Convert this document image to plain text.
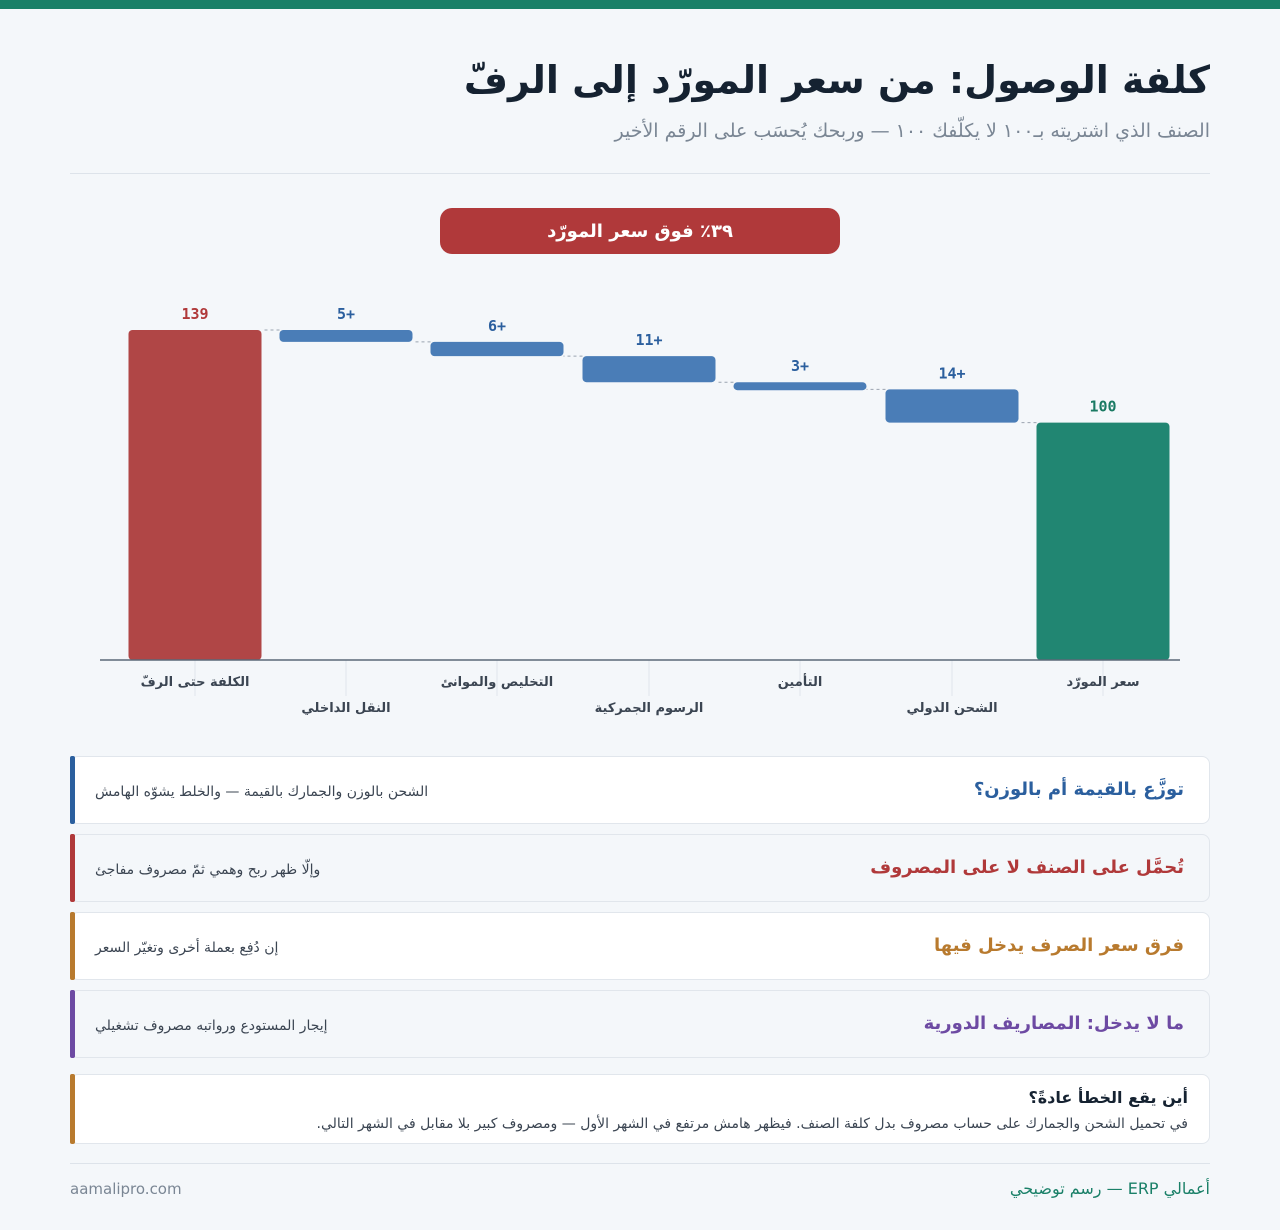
كلفة الوصول: من سعر المورّد إلى الرفّ

الصنف الذي اشتريته بـ١٠٠ لا يكلّفك ١٠٠ — وربحك يُحسَب على الرقم الأخير

٣٩٪ فوق سعر المورّد
100
سعر المورّد
+14
الشحن الدولي
+3
التأمين
+11
الرسوم الجمركية
+6
التخليص والموانئ
+5
النقل الداخلي
139
الكلفة حتى الرفّ
توزَّع بالقيمة أم بالوزن؟
الشحن بالوزن والجمارك بالقيمة — والخلط يشوّه الهامش
تُحمَّل على الصنف لا على المصروف
وإلّا ظهر ربح وهمي ثمّ مصروف مفاجئ
فرق سعر الصرف يدخل فيها
إن دُفِع بعملة أخرى وتغيّر السعر
ما لا يدخل: المصاريف الدورية
إيجار المستودع ورواتبه مصروف تشغيلي
أين يقع الخطأ عادةً؟
في تحميل الشحن والجمارك على حساب مصروف بدل كلفة الصنف. فيظهر هامش مرتفع في الشهر الأول — ومصروف كبير بلا مقابل في الشهر التالي.
aamalipro.com	أعمالي ERP — رسم توضيحي
